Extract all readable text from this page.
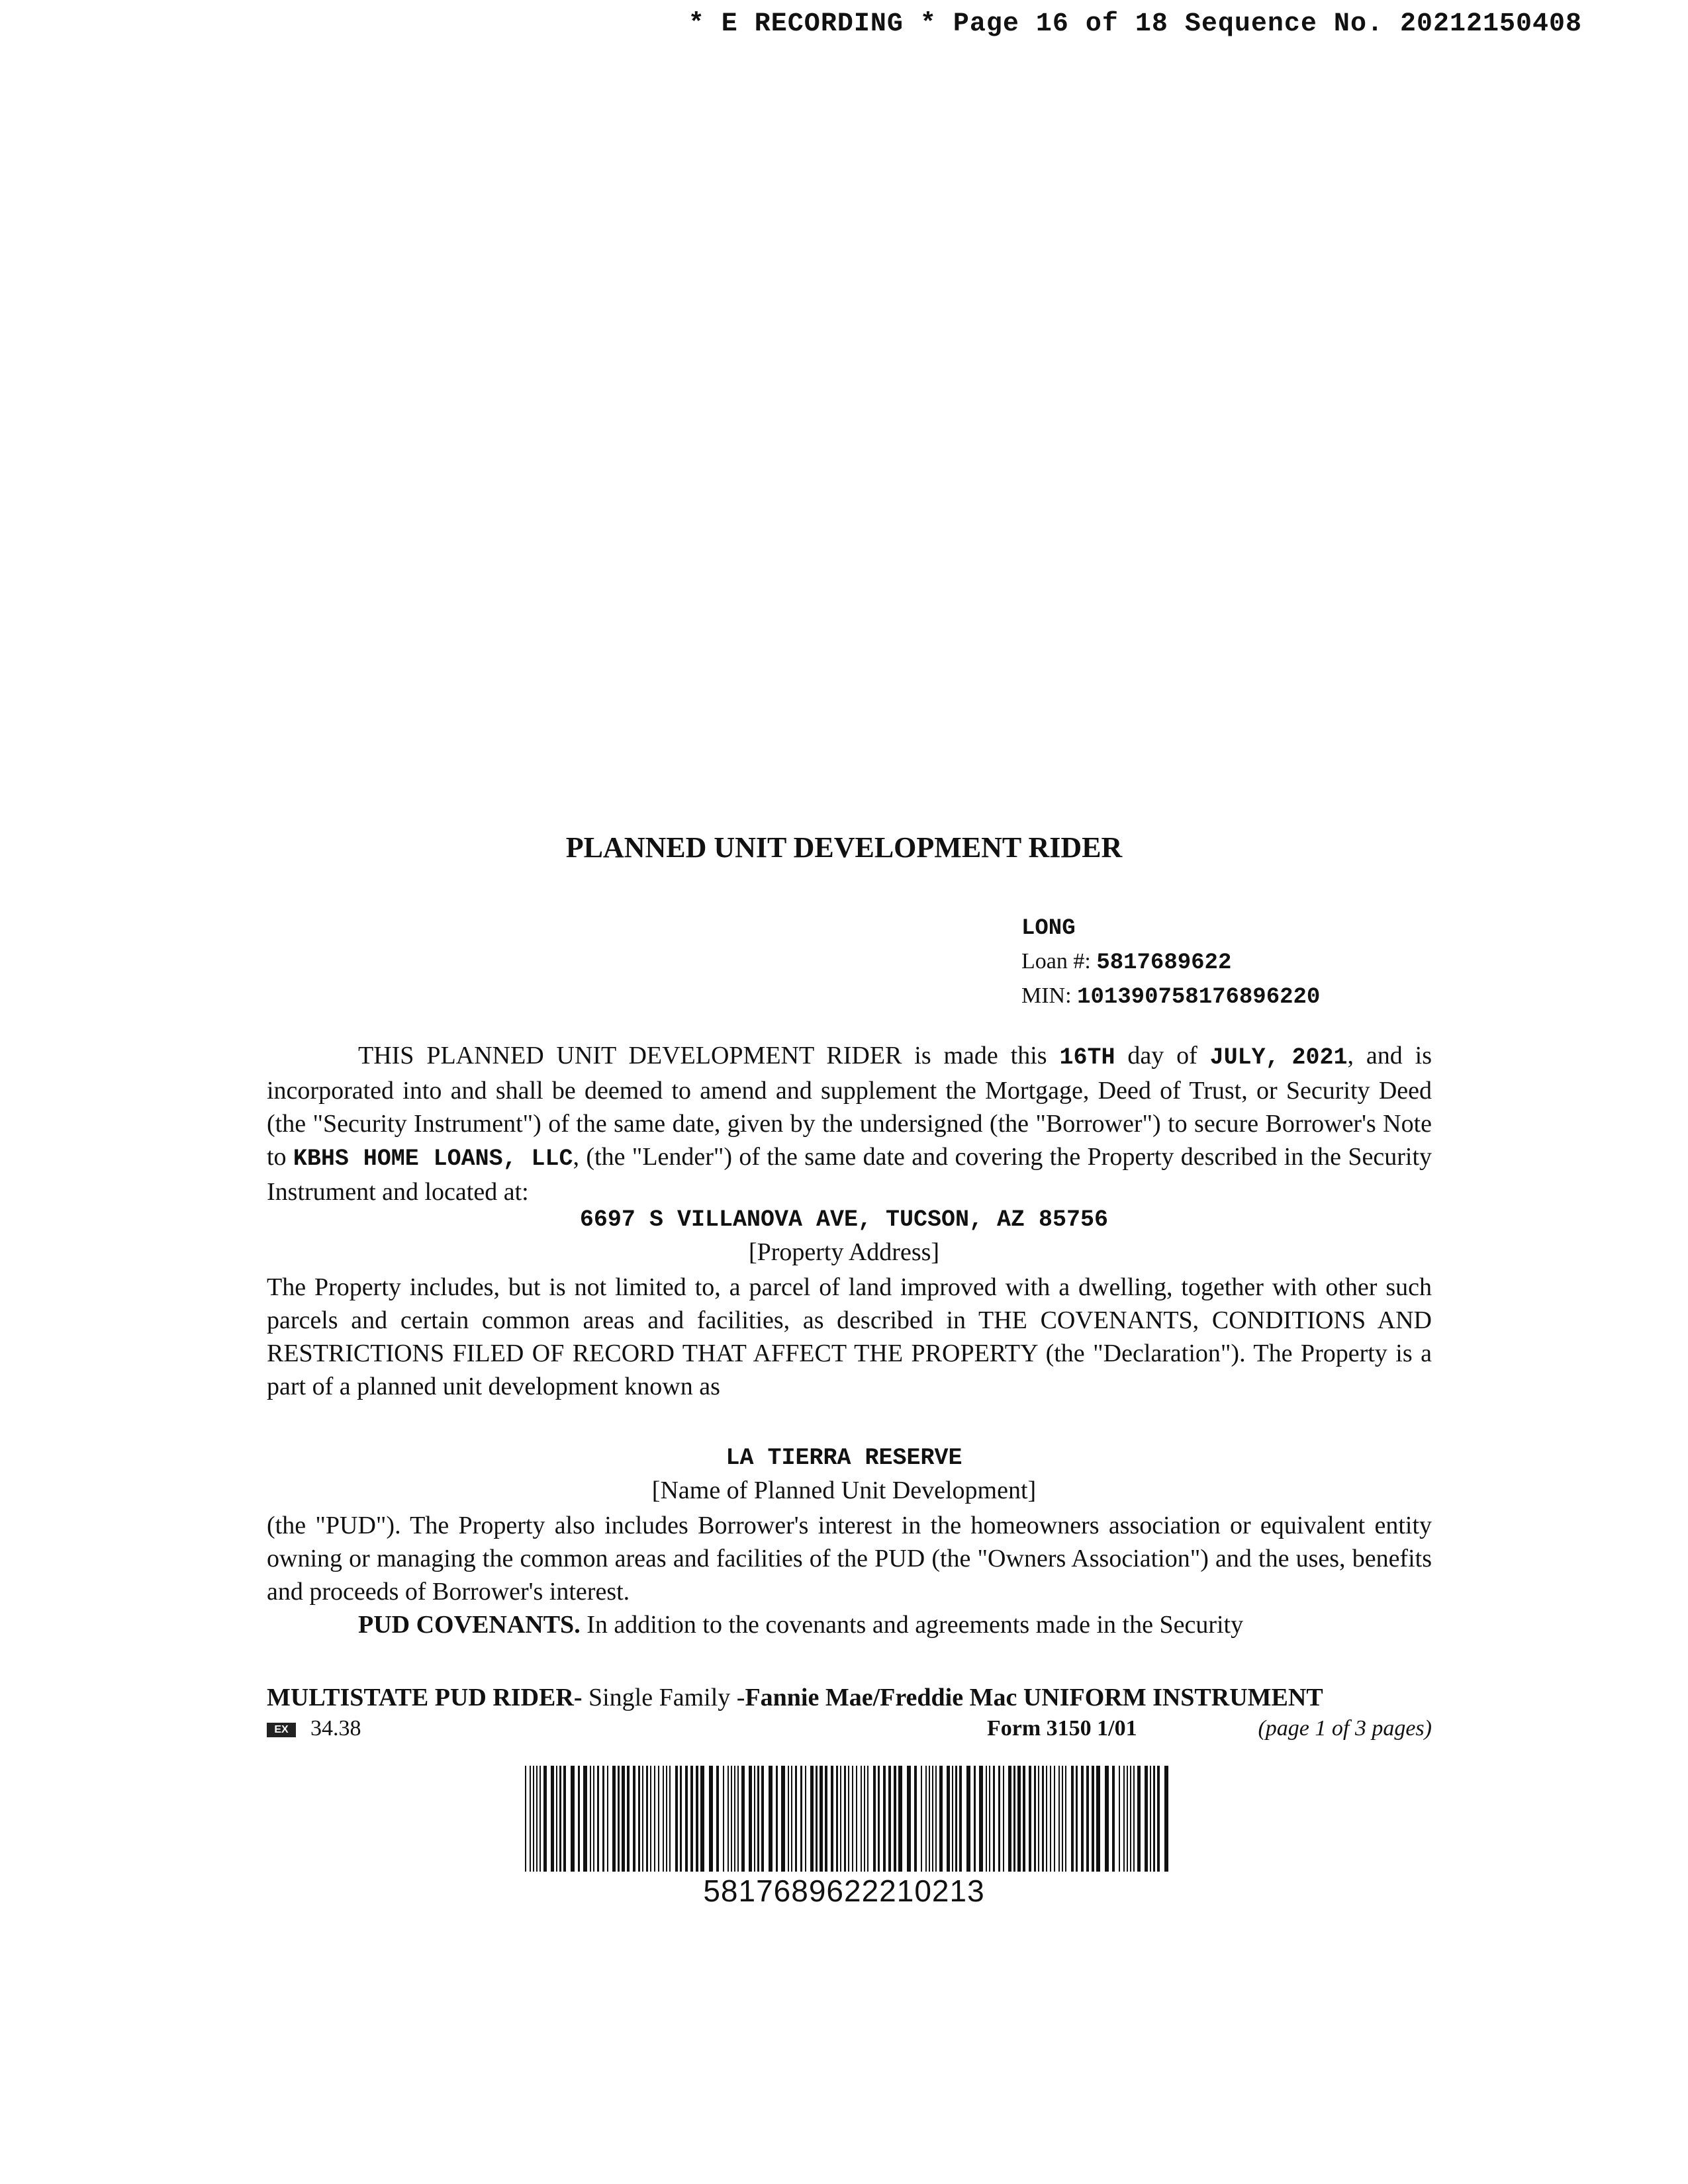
* E RECORDING * Page 16 of 18 Sequence No. 20212150408
PLANNED UNIT DEVELOPMENT RIDER
LONG
Loan #: 5817689622
MIN: 101390758176896220
THIS PLANNED UNIT DEVELOPMENT RIDER is made this 16TH day of JULY, 2021, and is incorporated into and shall be deemed to amend and supplement the Mortgage, Deed of Trust, or Security Deed (the "Security Instrument") of the same date, given by the undersigned (the "Borrower") to secure Borrower's Note to KBHS HOME LOANS, LLC, (the "Lender") of the same date and covering the Property described in the Security Instrument and located at:
6697 S VILLANOVA AVE, TUCSON, AZ 85756
[Property Address]
The Property includes, but is not limited to, a parcel of land improved with a dwelling, together with other such parcels and certain common areas and facilities, as described in THE COVENANTS, CONDITIONS AND RESTRICTIONS FILED OF RECORD THAT AFFECT THE PROPERTY (the "Declaration"). The Property is a part of a planned unit development known as
LA TIERRA RESERVE
[Name of Planned Unit Development]
(the "PUD"). The Property also includes Borrower's interest in the homeowners association or equivalent entity owning or managing the common areas and facilities of the PUD (the "Owners Association") and the uses, benefits and proceeds of Borrower's interest.
PUD COVENANTS. In addition to the covenants and agreements made in the Security
MULTISTATE PUD RIDER- Single Family -Fannie Mae/Freddie Mac UNIFORM INSTRUMENT
EX 34.38	Form 3150 1/01	(page 1 of 3 pages)
5817689622210213
